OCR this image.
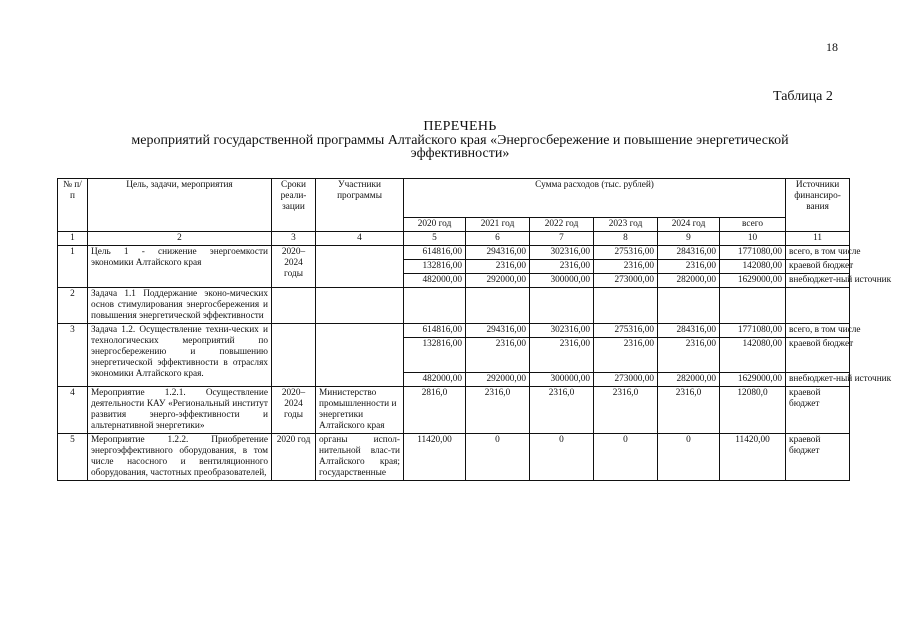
18
Таблица 2
ПЕРЕЧЕНЬ
мероприятий государственной программы Алтайского края «Энергосбережение и повышение энергетической
эффективности»
№ п/п	Цель, задачи, мероприятия	Сроки реали-зации	Участники программы	Сумма расходов (тыс. рублей)						Источники финансиро-вания
				2020 год	2021 год	2022 год	2023 год	2024 год	всего	
1	2	3	4	5	6	7	8	9	10	11
1	Цель 1 - снижение энергоемкости экономики Алтайского края	2020–2024 годы		614816,00	294316,00	302316,00	275316,00	284316,00	1771080,00	всего, в том числе
				132816,00	2316,00	2316,00	2316,00	2316,00	142080,00	краевой бюджет
				482000,00	292000,00	300000,00	273000,00	282000,00	1629000,00	внебюджет-ный источник
2	Задача 1.1 Поддержание эконо-мических основ стимулирования энергосбережения и повышения энергетической эффективности									
3	Задача 1.2. Осуществление техни-ческих и технологических мероприятий по энергосбережению и повышению энергетической эффективности в отраслях экономики Алтайского края.			614816,00	294316,00	302316,00	275316,00	284316,00	1771080,00	всего, в том числе
				132816,00	2316,00	2316,00	2316,00	2316,00	142080,00	краевой бюджет
				482000,00	292000,00	300000,00	273000,00	282000,00	1629000,00	внебюджет-ный источник
4	Мероприятие 1.2.1. Осуществление деятельности КАУ «Региональный институт развития энерго-эффективности и альтернативной энергетики»	2020–2024 годы	Министерство промышленности и энергетики Алтайского края	2816,0	2316,0	2316,0	2316,0	2316,0	12080,0	краевой бюджет
5	Мероприятие 1.2.2. Приобретение энергоэффективного оборудования, в том числе насосного и вентиляционного оборудования, частотных преобразователей,	2020 год	органы испол-нительной влас-ти Алтайского края; государственные	11420,00	0	0	0	0	11420,00	краевой бюджет
